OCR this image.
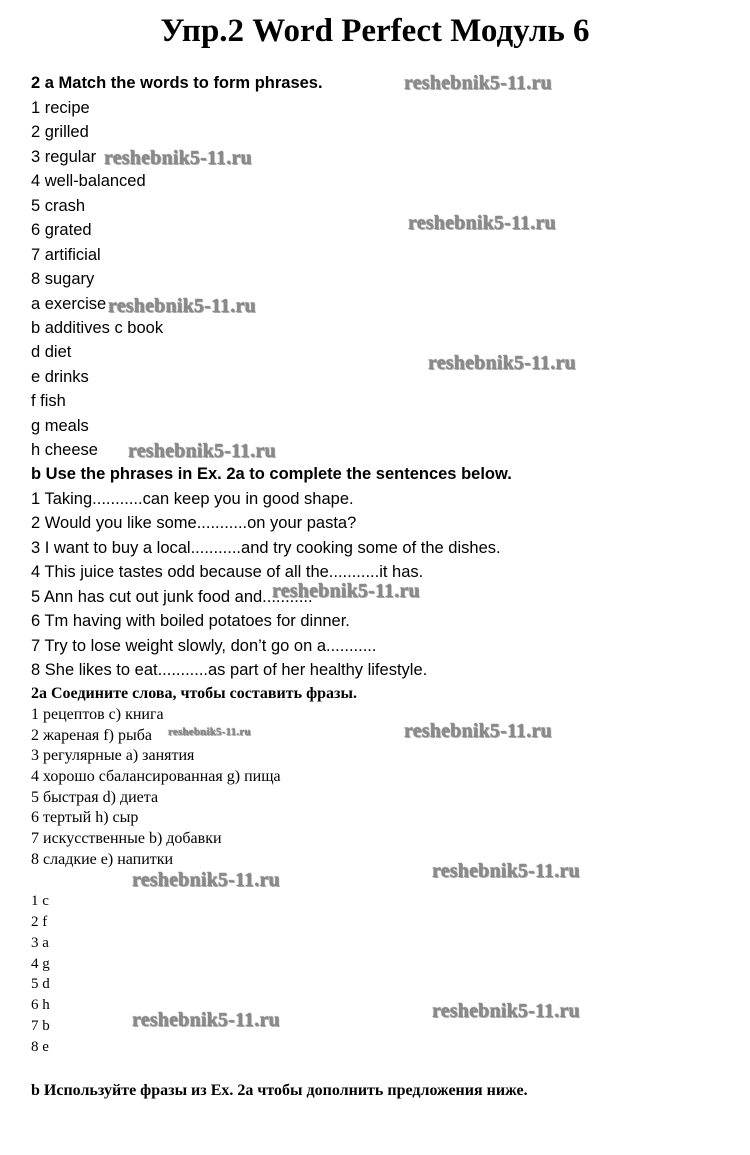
Упр.2 Word Perfect Модуль 6
2 a Match the words to form phrases.
1 recipe
2 grilled
3 regular
4 well-balanced
5 crash
6 grated
7 artificial
8 sugary
a exercise
b additives c book
d diet
e drinks
f fish
g meals
h cheese
b Use the phrases in Ex. 2a to complete the sentences below.
1 Taking...........can keep you in good shape.
2 Would you like some...........on your pasta?
3 I want to buy a local...........and try cooking some of the dishes.
4 This juice tastes odd because of all the...........it has.
5 Ann has cut out junk food and...........
6 Tm having with boiled potatoes for dinner.
7 Try to lose weight slowly, don’t go on a...........
8 She likes to eat...........as part of her healthy lifestyle.
2a Соедините слова, чтобы составить фразы.
1 рецептов c) книга
2 жареная f) рыба
3 регулярные a) занятия
4 хорошо сбалансированная g) пища
5 быстрая d) диета
6 тертый h) сыр
7 искусственные b) добавки
8 сладкие e) напитки
1 c
2 f
3 a
4 g
5 d
6 h
7 b
8 e
b Используйте фразы из Ex. 2a чтобы дополнить предложения ниже.
reshebnik5-11.ru
reshebnik5-11.ru
reshebnik5-11.ru
reshebnik5-11.ru
reshebnik5-11.ru
reshebnik5-11.ru
reshebnik5-11.ru
reshebnik5-11.ru	reshebnik5-11.ru
reshebnik5-11.ru
reshebnik5-11.ru
reshebnik5-11.ru
reshebnik5-11.ru
